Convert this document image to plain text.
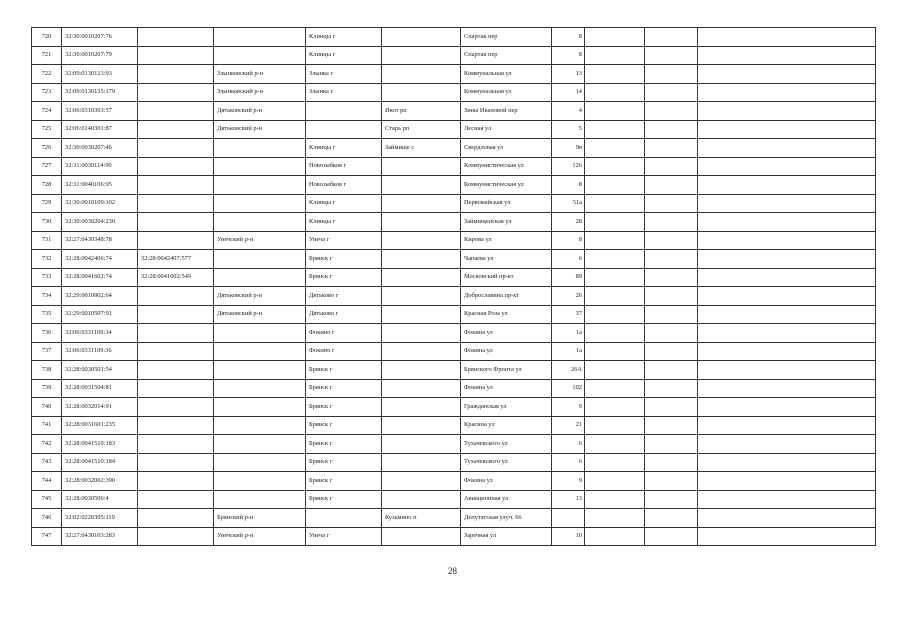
720	32:30:0010207:76			Клинцы г		Спартак пер	8			
721	32:30:0010207:79			Клинцы г		Спартак пер	8			
722	32:09:0130123:93		Злынковский р-н	Злынка г		Коммунальная ул	13			
723	32:09:0130135:179		Злынковский р-н	Злынка г		Коммунальная ул	14			
724	32:06:0310303:57		Дятьковский р-н		Ивот рп	Зины Ивановой пер	4			
725	32:06:0140301:87		Дятьковский р-н		Старь рп	Лесная ул	5			
726	32:30:0030207:46			Клинцы г	Займище с	Свердловая ул	9в			
727	32:31:0030114:90			Новозыбков г		Коммунистическая ул	126			
728	32:31:0040106:95			Новозыбков г		Коммунистическая ул	8			
729	32:30:0010109:102			Клинцы г		Первомайская ул	51а			
730	32:30:0030204:230			Клинцы г		Займищенская ул	28			
731	32:27:0430348:78		Унечский р-н	Унеча г		Кирова ул	8			
732	32:28:0042406:74	32:28:0042407:577		Брянск г		Чапаева ул	6			
733	32:28:0041602:74	32:28:0041602:549		Брянск г		Московский пр-кт	89			
734	32:29:0010902:64		Дятьковский р-н	Дятьково г		Доброславина пр-кт	26			
735	32:29:0010507:91		Дятьковский р-н	Дятьково г		Красная Роза ул	37			
736	32:06:0331109:34			Фокино г		Фокина ул	1а			
737	32:06:0331109:36			Фокино г		Фокина ул	1а			
738	32:28:0030501:54			Брянск г		Брянского Фронта ул	26А			
739	32:28:0031504:81			Брянск г		Фокина ул	102			
740	32:28:0032014:91			Брянск г		Гражданская ул	9			
741	32:28:0031601:235			Брянск г		Красина ул	21			
742	32:28:0041510:183			Брянск г		Тухачевского ул	6			
743	32:28:0041510:184			Брянск г		Тухачевского ул	6			
744	32:28:0032002:390			Брянск г		Фокина ул	9			
745	32:28:0030506:4			Брянск г		Авиационная ул	13			
746	32:02:0220305:119		Брянский р-н		Кузьмино п	Депутатская улуч. 66				
747	32:27:0430103:283		Унечский р-н	Унеча г		Заречная ул	10			
28
